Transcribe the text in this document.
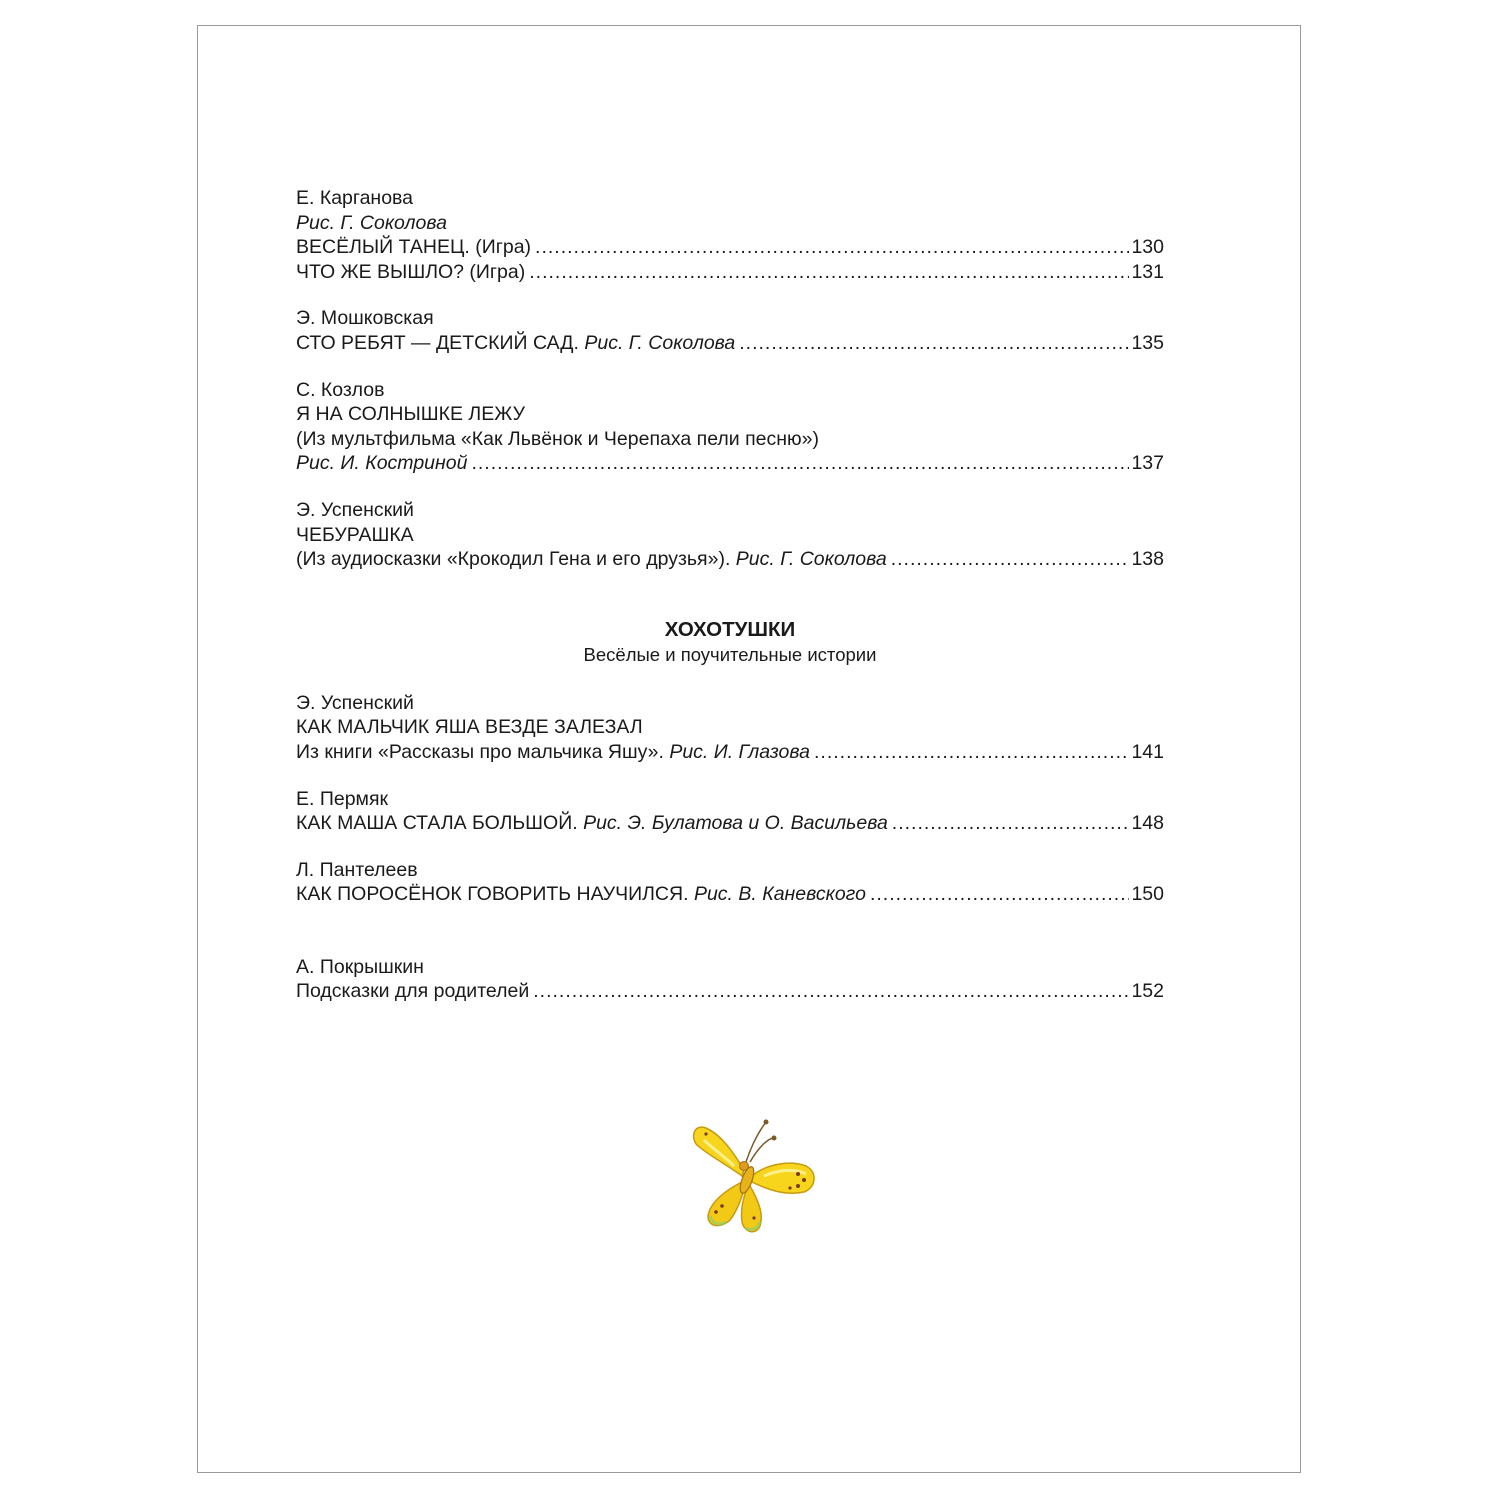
Е. Карганова
Рис. Г. Соколова
ВЕСЁЛЫЙ ТАНЕЦ. (Игра) .....	130
ЧТО ЖЕ ВЫШЛО? (Игра) .....	131
Э. Мошковская
СТО РЕБЯТ — ДЕТСКИЙ САД.
Рис. Г. Соколова .....	135
С. Козлов
Я НА СОЛНЫШКЕ ЛЕЖУ
(Из мультфильма «Как Львёнок и Черепаха пели песню»)
Рис. И. Костриной .....	137
Э. Успенский
ЧЕБУРАШКА
(Из аудиосказки «Крокодил Гена и его друзья»).
Рис. Г. Соколова .....	138
ХОХОТУШКИ
Весёлые и поучительные истории
Э. Успенский
КАК МАЛЬЧИК ЯША ВЕЗДЕ ЗАЛЕЗАЛ
Из книги «Рассказы про мальчика Яшу».
Рис. И. Глазова .....	141
Е. Пермяк
КАК МАША СТАЛА БОЛЬШОЙ.
Рис. Э. Булатова и О. Васильева .....	148
Л. Пантелеев
КАК ПОРОСЁНОК ГОВОРИТЬ НАУЧИЛСЯ.
Рис. В. Каневского .....	150
А. Покрышкин
Подсказки для родителей .....	152
